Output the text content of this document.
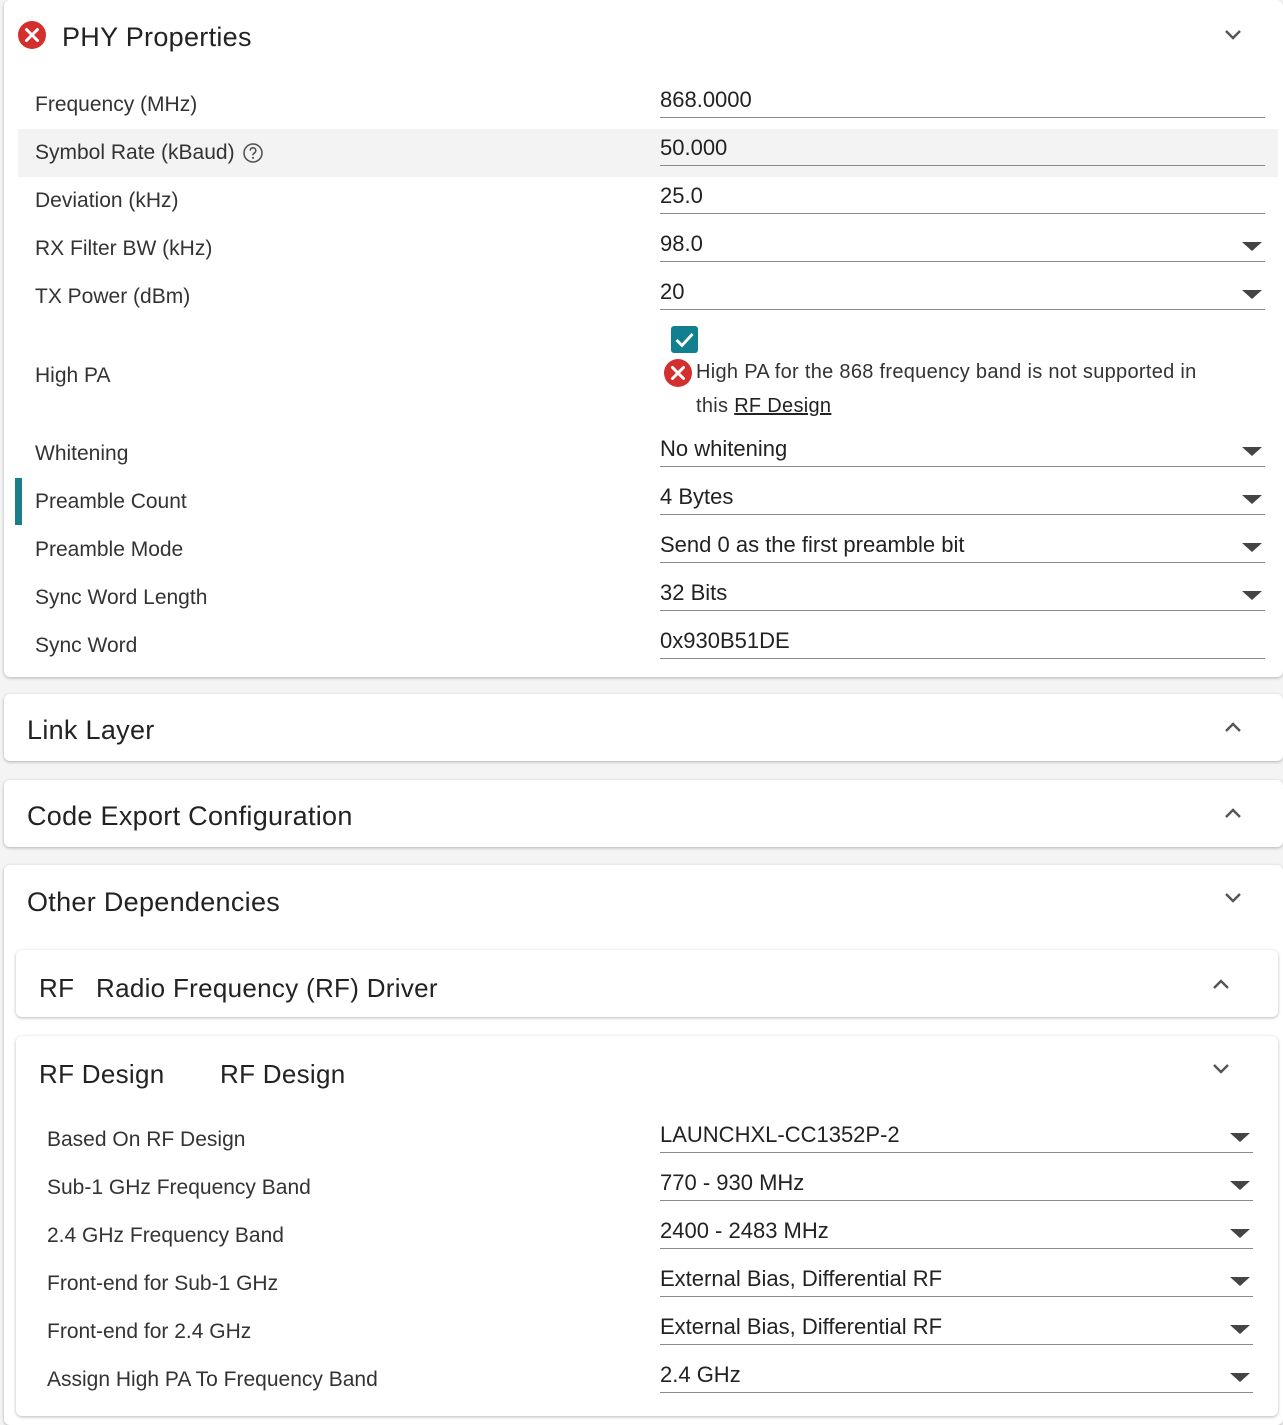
PHY Properties
Frequency (MHz)	868.0000
Symbol Rate (kBaud)	50.000
Deviation (kHz)	25.0
RX Filter BW (kHz)	98.0
TX Power (dBm)	20
High PA	High PA for the 868 frequency band is not supported in
this RF Design
Whitening	No whitening
Preamble Count	4 Bytes
Preamble Mode	Send 0 as the first preamble bit
Sync Word Length	32 Bits
Sync Word	0x930B51DE
Link Layer
Code Export Configuration
Other Dependencies
RF Radio Frequency (RF) Driver
RF Design RF Design
Based On RF Design	LAUNCHXL-CC1352P-2
Sub-1 GHz Frequency Band	770 - 930 MHz
2.4 GHz Frequency Band	2400 - 2483 MHz
Front-end for Sub-1 GHz	External Bias, Differential RF
Front-end for 2.4 GHz	External Bias, Differential RF
Assign High PA To Frequency Band	2.4 GHz
